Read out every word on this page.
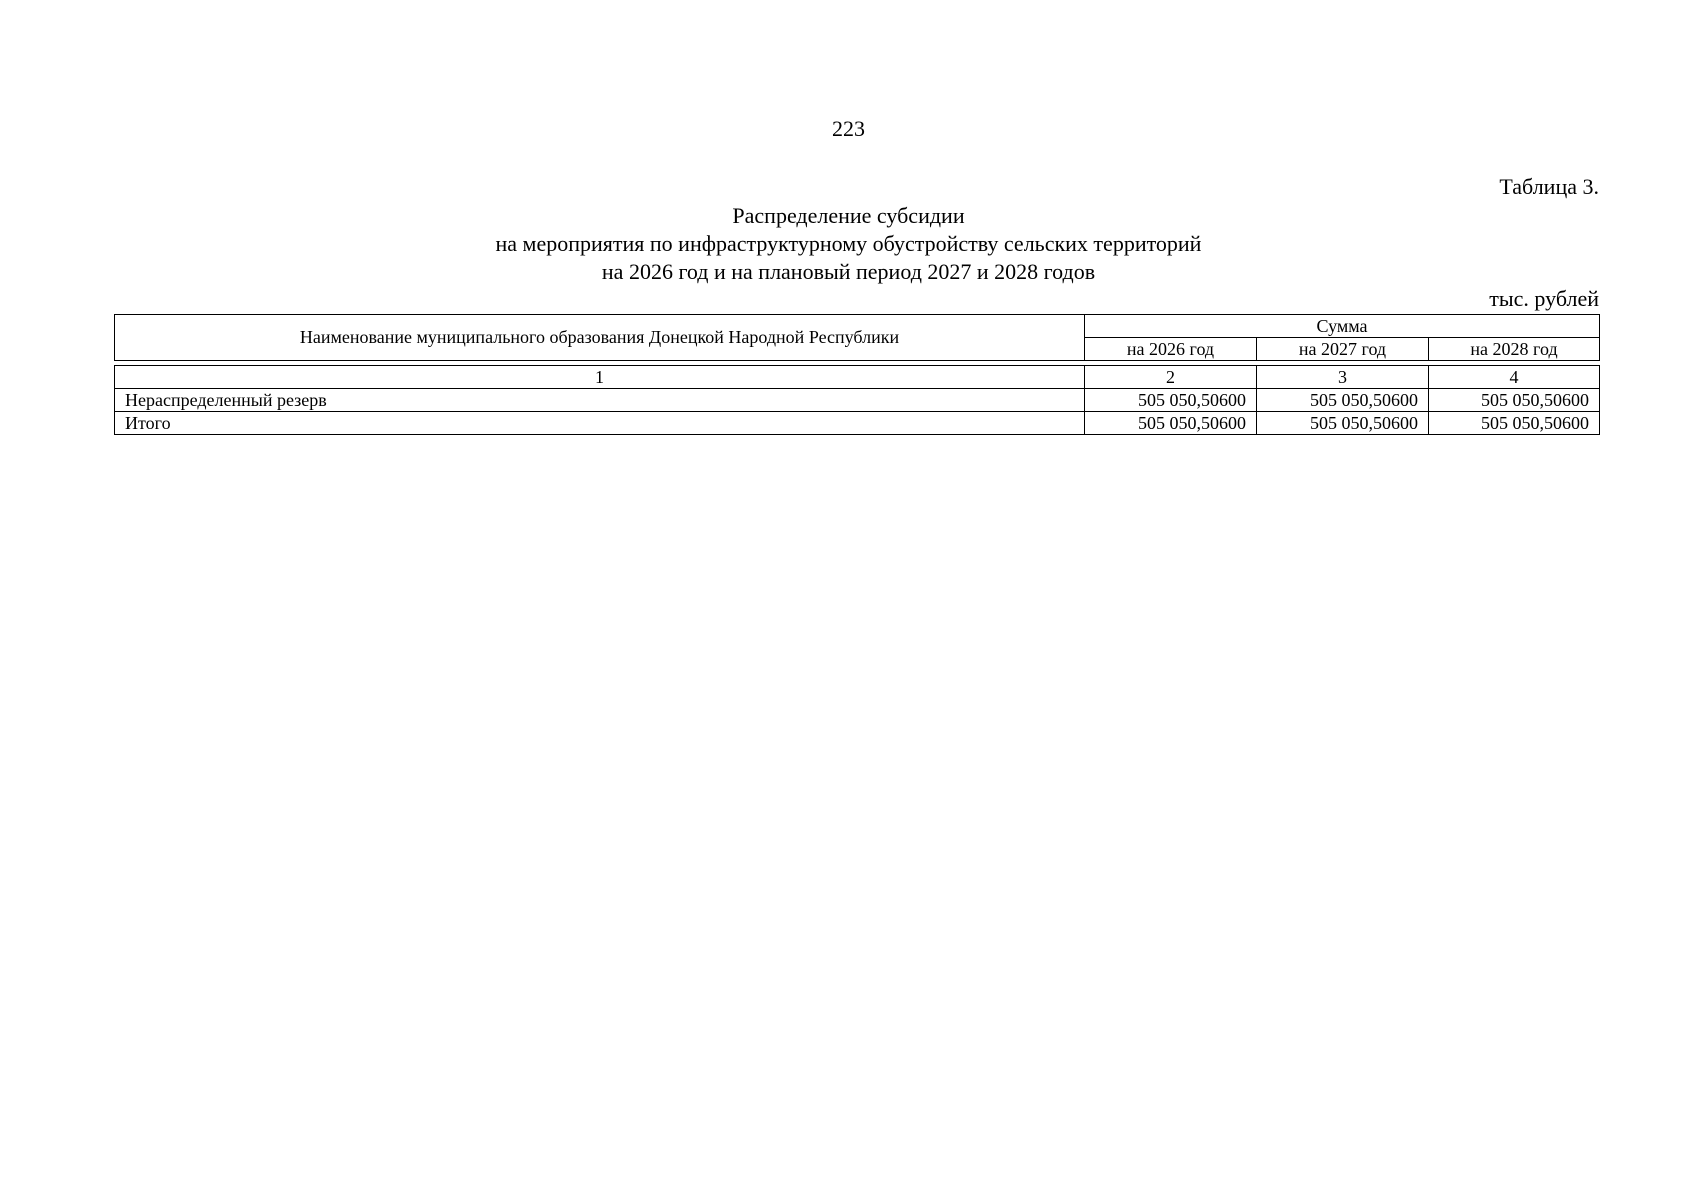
223
Таблица 3.
Распределение субсидии
на мероприятия по инфраструктурному обустройству сельских территорий
на 2026 год и на плановый период 2027 и 2028 годов
тыс. рублей
Наименование муниципального образования Донецкой Народной Республики	Сумма		
	на 2026 год	на 2027 год	на 2028 год
1	2	3	4
Нераспределенный резерв	505 050,50600	505 050,50600	505 050,50600
Итого	505 050,50600	505 050,50600	505 050,50600
